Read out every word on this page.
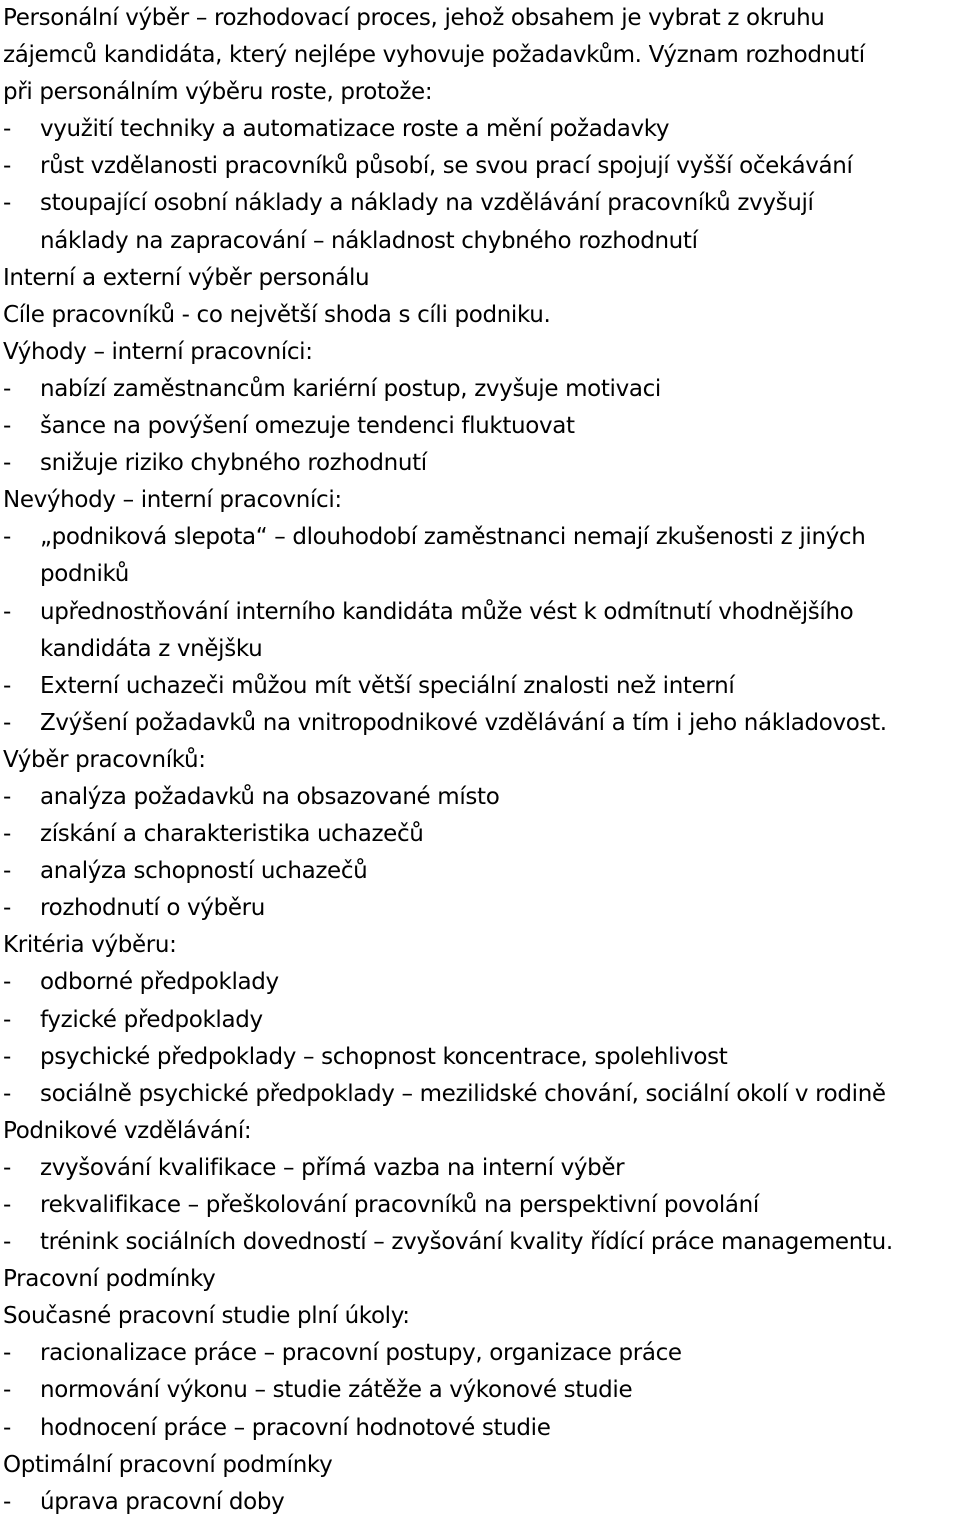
Personální výběr – rozhodovací proces, jehož obsahem je vybrat z okruhu
zájemců kandidáta, který nejlépe vyhovuje požadavkům. Význam rozhodnutí
při personálním výběru roste, protože:
- využití techniky a automatizace roste a mění požadavky
- růst vzdělanosti pracovníků působí, se svou prací spojují vyšší očekávání
- stoupající osobní náklady a náklady na vzdělávání pracovníků zvyšují
náklady na zapracování – nákladnost chybného rozhodnutí
Interní a externí výběr personálu
Cíle pracovníků - co největší shoda s cíli podniku.
Výhody – interní pracovníci:
- nabízí zaměstnancům kariérní postup, zvyšuje motivaci
- šance na povýšení omezuje tendenci fluktuovat
- snižuje riziko chybného rozhodnutí
Nevýhody – interní pracovníci:
- „podniková slepota“ – dlouhodobí zaměstnanci nemají zkušenosti z jiných
podniků
- upřednostňování interního kandidáta může vést k odmítnutí vhodnějšího
kandidáta z vnějšku
- Externí uchazeči můžou mít větší speciální znalosti než interní
- Zvýšení požadavků na vnitropodnikové vzdělávání a tím i jeho nákladovost.
Výběr pracovníků:
- analýza požadavků na obsazované místo
- získání a charakteristika uchazečů
- analýza schopností uchazečů
- rozhodnutí o výběru
Kritéria výběru:
- odborné předpoklady
- fyzické předpoklady
- psychické předpoklady – schopnost koncentrace, spolehlivost
- sociálně psychické předpoklady – mezilidské chování, sociální okolí v rodině
Podnikové vzdělávání:
- zvyšování kvalifikace – přímá vazba na interní výběr
- rekvalifikace – přeškolování pracovníků na perspektivní povolání
- trénink sociálních dovedností – zvyšování kvality řídící práce managementu.
Pracovní podmínky
Současné pracovní studie plní úkoly:
- racionalizace práce – pracovní postupy, organizace práce
- normování výkonu – studie zátěže a výkonové studie
- hodnocení práce – pracovní hodnotové studie
Optimální pracovní podmínky
- úprava pracovní doby
